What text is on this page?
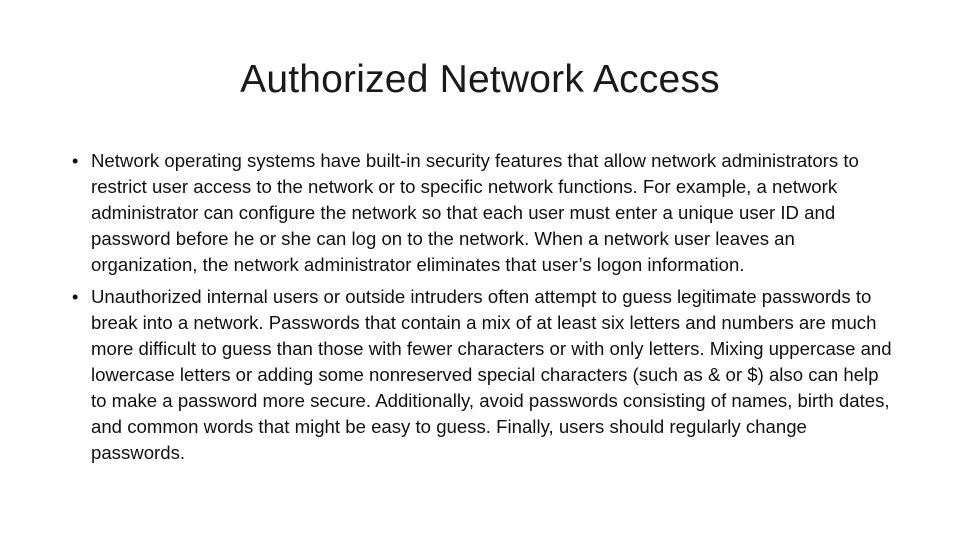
Authorized Network Access
• Network operating systems have built-in security features that allow network administrators to restrict user access to the network or to specific network functions. For example, a network administrator can configure the network so that each user must enter a unique user ID and password before he or she can log on to the network. When a network user leaves an organization, the network administrator eliminates that user’s logon information.
• Unauthorized internal users or outside intruders often attempt to guess legitimate passwords to break into a network. Passwords that contain a mix of at least six letters and numbers are much more difficult to guess than those with fewer characters or with only letters. Mixing uppercase and lowercase letters or adding some nonreserved special characters (such as & or $) also can help to make a password more secure. Additionally, avoid passwords consisting of names, birth dates, and common words that might be easy to guess. Finally, users should regularly change passwords.
